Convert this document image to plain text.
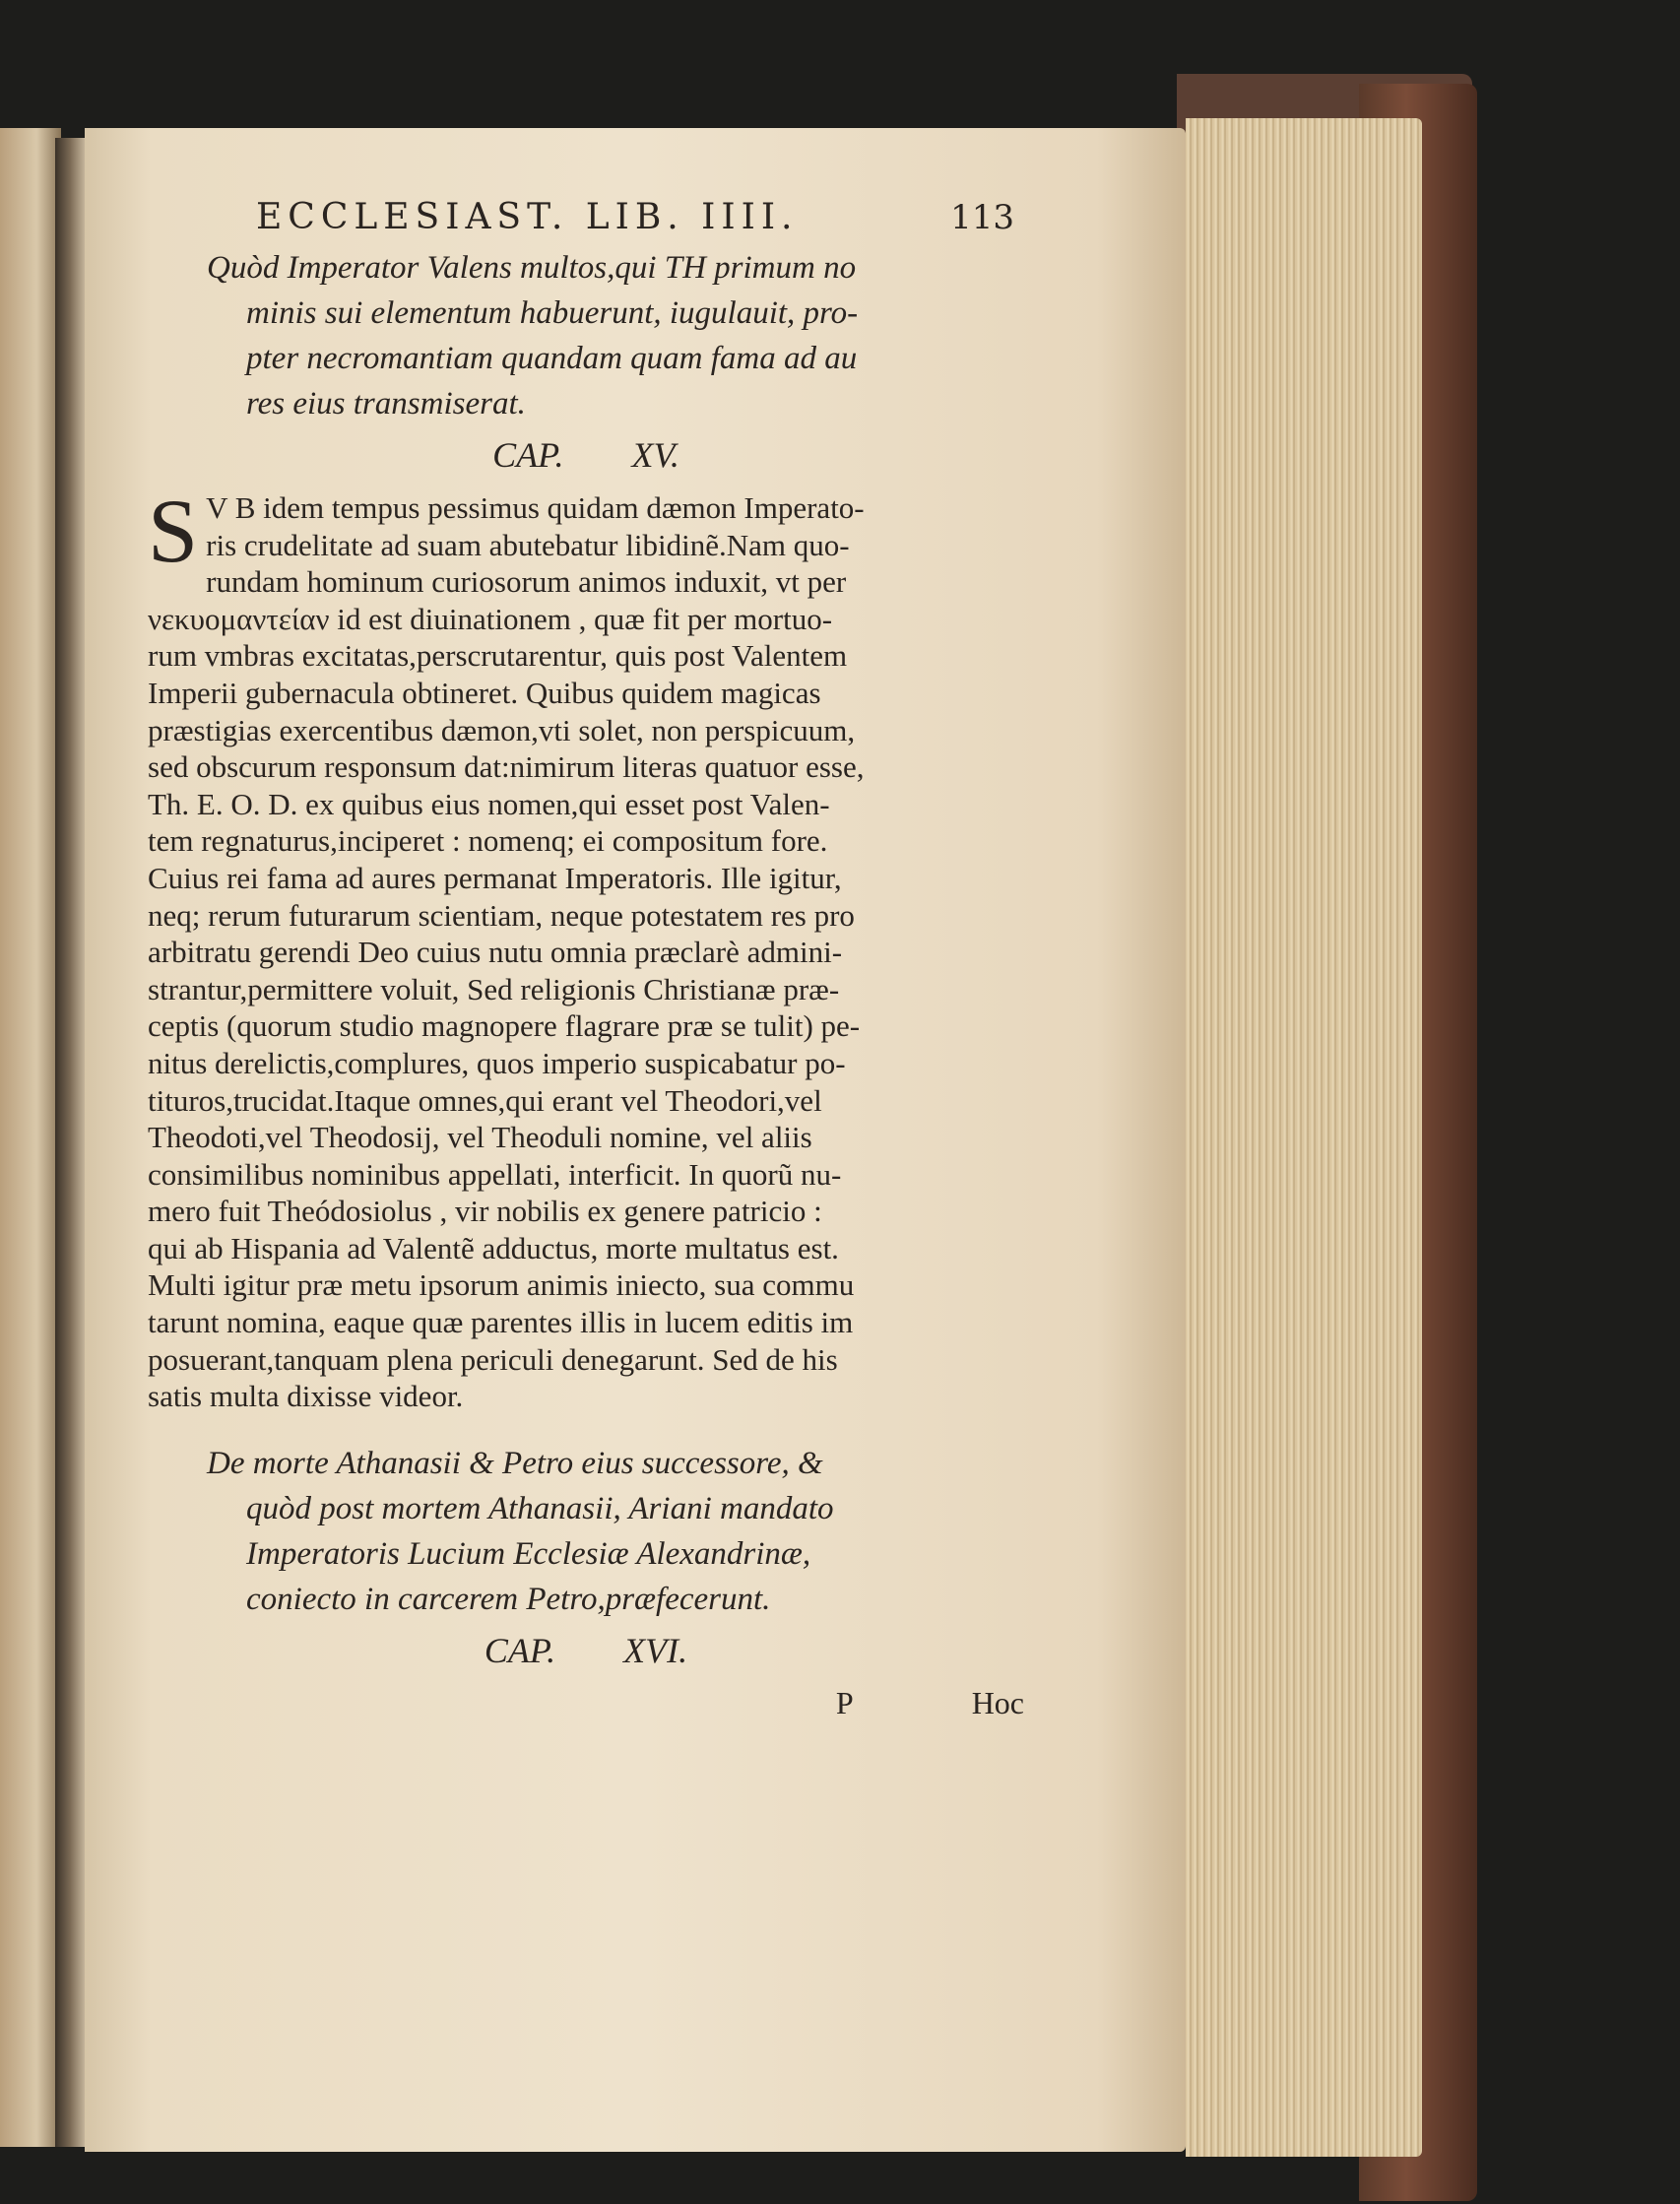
ECCLESIAST. LIB. IIII.	113
Quòd Imperator Valens multos,qui TH primum no
minis sui elementum habuerunt, iugulauit, pro-
pter necromantiam quandam quam fama ad au
res eius transmiserat.
CAP. XV.
S V B idem tempus pessimus quidam dæmon Imperato-
ris crudelitate ad suam abutebatur libidinẽ.Nam quo-
rundam hominum curiosorum animos induxit, vt per
νεκυομαντείαν id est diuinationem , quæ fit per mortuo-
rum vmbras excitatas,perscrutarentur, quis post Valentem
Imperii gubernacula obtineret. Quibus quidem magicas
præstigias exercentibus dæmon,vti solet, non perspicuum,
sed obscurum responsum dat:nimirum literas quatuor esse,
Th. E. O. D. ex quibus eius nomen,qui esset post Valen-
tem regnaturus,inciperet : nomenq; ei compositum fore.
Cuius rei fama ad aures permanat Imperatoris. Ille igitur,
neq; rerum futurarum scientiam, neque potestatem res pro
arbitratu gerendi Deo cuius nutu omnia præclarè admini-
strantur,permittere voluit, Sed religionis Christianæ præ-
ceptis (quorum studio magnopere flagrare præ se tulit) pe-
nitus derelictis,complures, quos imperio suspicabatur po-
tituros,trucidat.Itaque omnes,qui erant vel Theodori,vel
Theodoti,vel Theodosij, vel Theoduli nomine, vel aliis
consimilibus nominibus appellati, interficit. In quorũ nu-
mero fuit Theódosiolus , vir nobilis ex genere patricio :
qui ab Hispania ad Valentẽ adductus, morte multatus est.
Multi igitur præ metu ipsorum animis iniecto, sua commu
tarunt nomina, eaque quæ parentes illis in lucem editis im
posuerant,tanquam plena periculi denegarunt. Sed de his
satis multa dixisse videor.
De morte Athanasii & Petro eius successore, &
quòd post mortem Athanasii, Ariani mandato
Imperatoris Lucium Ecclesiæ Alexandrinæ,
coniecto in carcerem Petro,præfecerunt.
CAP. XVI.
P	Hoc
